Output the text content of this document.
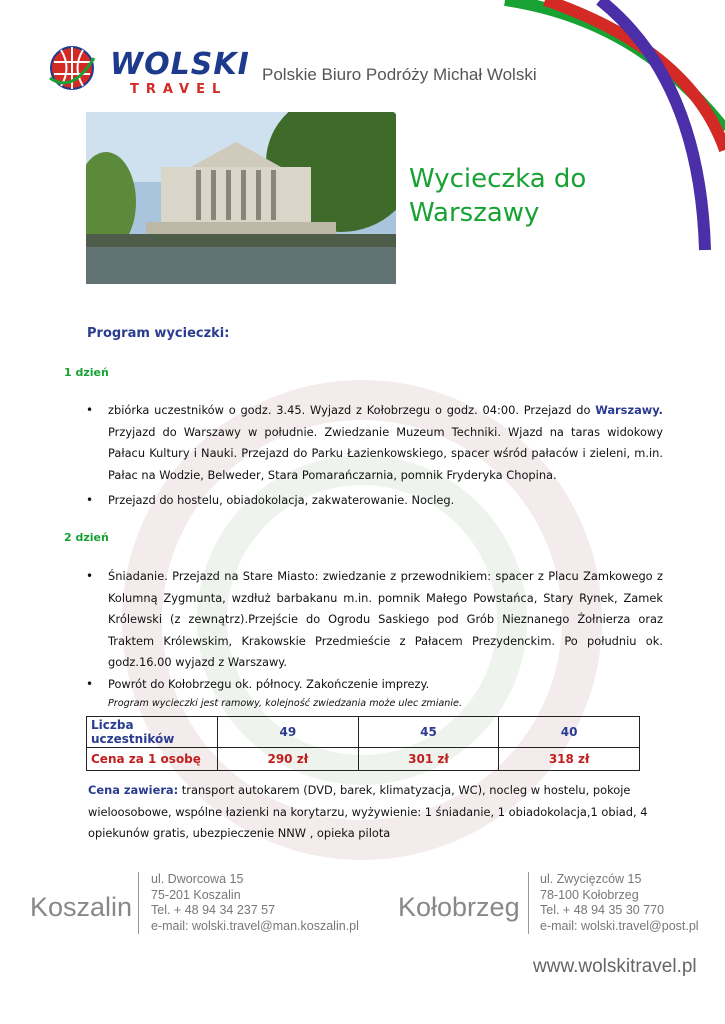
WOLSKI
TRAVEL
Polskie Biuro Podróży Michał Wolski
Wycieczka do Warszawy
Program wycieczki:
1 dzień
• zbiórka uczestników o godz. 3.45. Wyjazd z Kołobrzegu o godz. 04:00. Przejazd do Warszawy. Przyjazd do Warszawy w południe. Zwiedzanie Muzeum Techniki. Wjazd na taras widokowy Pałacu Kultury i Nauki. Przejazd do Parku Łazienkowskiego, spacer wśród pałaców i zieleni, m.in. Pałac na Wodzie, Belweder, Stara Pomarańczarnia, pomnik Fryderyka Chopina.
• Przejazd do hostelu, obiadokolacja, zakwaterowanie. Nocleg.
2 dzień
• Śniadanie. Przejazd na Stare Miasto: zwiedzanie z przewodnikiem: spacer z Placu Zamkowego z Kolumną Zygmunta, wzdłuż barbakanu m.in. pomnik Małego Powstańca, Stary Rynek, Zamek Królewski (z zewnątrz).Przejście do Ogrodu Saskiego pod Grób Nieznanego Żołnierza oraz Traktem Królewskim, Krakowskie Przedmieście z Pałacem Prezydenckim. Po południu ok. godz.16.00 wyjazd z Warszawy.
• Powrót do Kołobrzegu ok. północy. Zakończenie imprezy.
Program wycieczki jest ramowy, kolejność zwiedzania może ulec zmianie.
Liczba uczestników	49	45	40
Cena za 1 osobę	290 zł	301 zł	318 zł
Cena zawiera: transport autokarem (DVD, barek, klimatyzacja, WC), nocleg w hostelu, pokoje wieloosobowe, wspólne łazienki na korytarzu, wyżywienie: 1 śniadanie, 1 obiadokolacja,1 obiad, 4 opiekunów gratis, ubezpieczenie NNW , opieka pilota
Koszalin
ul. Dworcowa 15
75-201 Koszalin
Tel. + 48 94 34 237 57
e-mail: wolski.travel@man.koszalin.pl
Kołobrzeg
ul. Zwycięzców 15
78-100 Kołobrzeg
Tel. + 48 94 35 30 770
e-mail: wolski.travel@post.pl
www.wolskitravel.pl
